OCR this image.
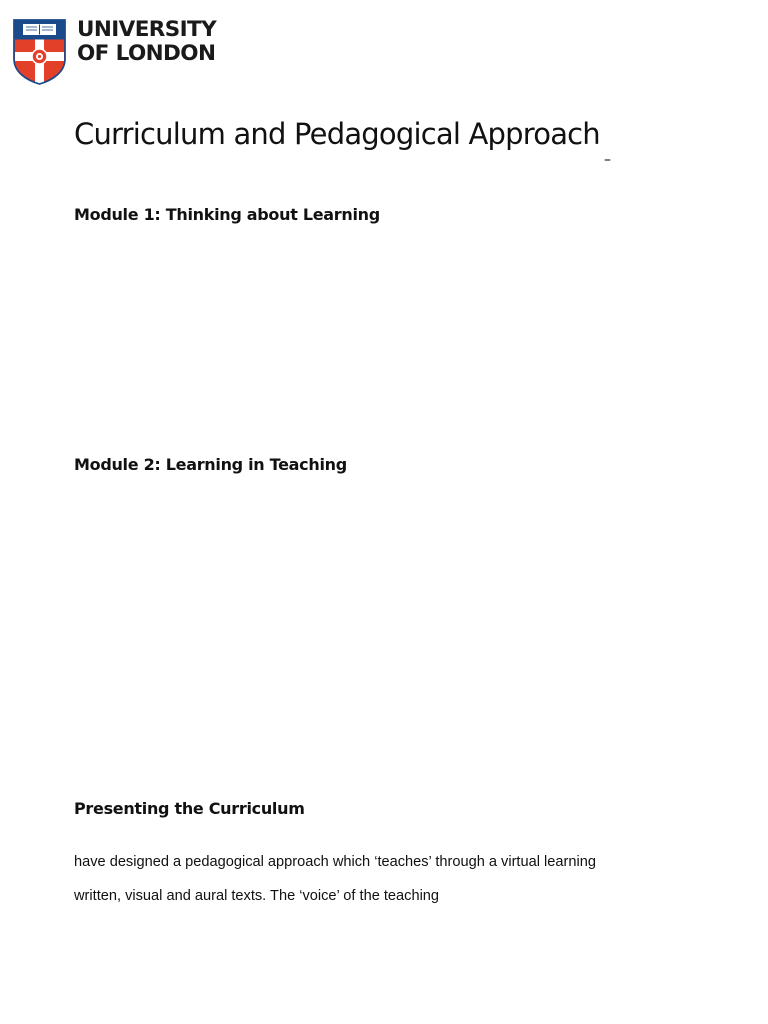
UNIVERSITY
OF LONDON
Curriculum and Pedagogical Approach
–
Module 1: Thinking about Learning
Module 2: Learning in Teaching
Presenting the Curriculum

have designed a pedagogical approach which ‘teaches’ through a virtual learning

written, visual and aural texts. The ‘voice’ of the teaching
